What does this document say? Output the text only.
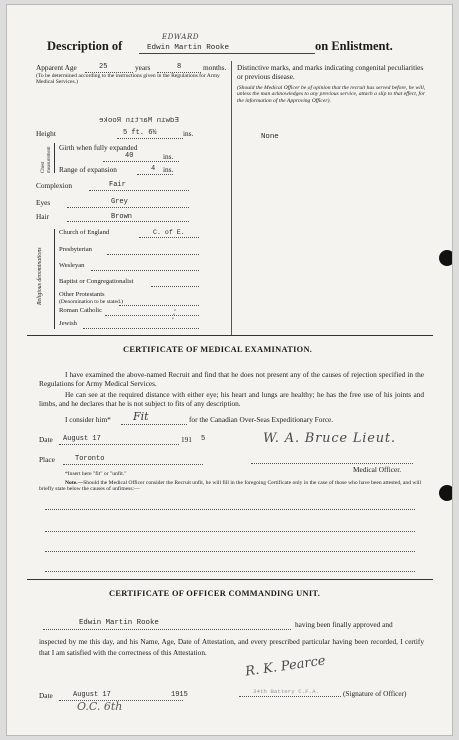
Description of
EDWARD
Edwin Martin Rooke	on Enlistment.
Apparent Age	25	years	8	months.
(To be determined according to the instructions given in the Regulations for Army Medical Services.)
Edwin Martin Rooke
Height	5 ft. 6½	ins.
Chest measurement Girth when fully expanded
40	ins.
Range of expansion	4 ins.
Complexion	Fair
Eyes	Grey
Hair	Brown
Religious denominations
Church of England	C. of E.
Presbyterian
Wesleyan
Baptist or Congregationalist
Other Protestants
(Denomination to be stated.)
Roman Catholic
Jewish
⋮
Distinctive marks, and marks indicating congenital peculiarities or previous disease.
(Should the Medical Officer be of opinion that the recruit has served before, he will, unless the man acknowledges to any previous service, attach a slip to that effect, for the information of the Approving Officer).
None
CERTIFICATE OF MEDICAL EXAMINATION.
I have examined the above-named Recruit and find that he does not present any of the causes of rejection specified in the Regulations for Army Medical Services.
He can see at the required distance with either eye; his heart and lungs are healthy; he has the free use of his joints and limbs, and he declares that he is not subject to fits of any description.
I consider him* Fit	for the Canadian Over-Seas Expeditionary Force.
Date August 17	191 5
Place	Toronto
W. A. Bruce Lieut.
Medical Officer.
*Insert here "fit" or "unfit."
Note.—Should the Medical Officer consider the Recruit unfit, he will fill in the foregoing Certificate only in the case of those who have been attested, and will briefly state below the causes of unfitness:—
CERTIFICATE OF OFFICER COMMANDING UNIT.
Edwin Martin Rooke	having been finally approved and
inspected by me this day, and his Name, Age, Date of Attestation, and every prescribed particular having been recorded, I certify that I am satisfied with the correctness of this Attestation.
R. K. Pearce
34th Battery C.F.A.	(Signature of Officer)
Date	August 17	1915
O.C. 6th
